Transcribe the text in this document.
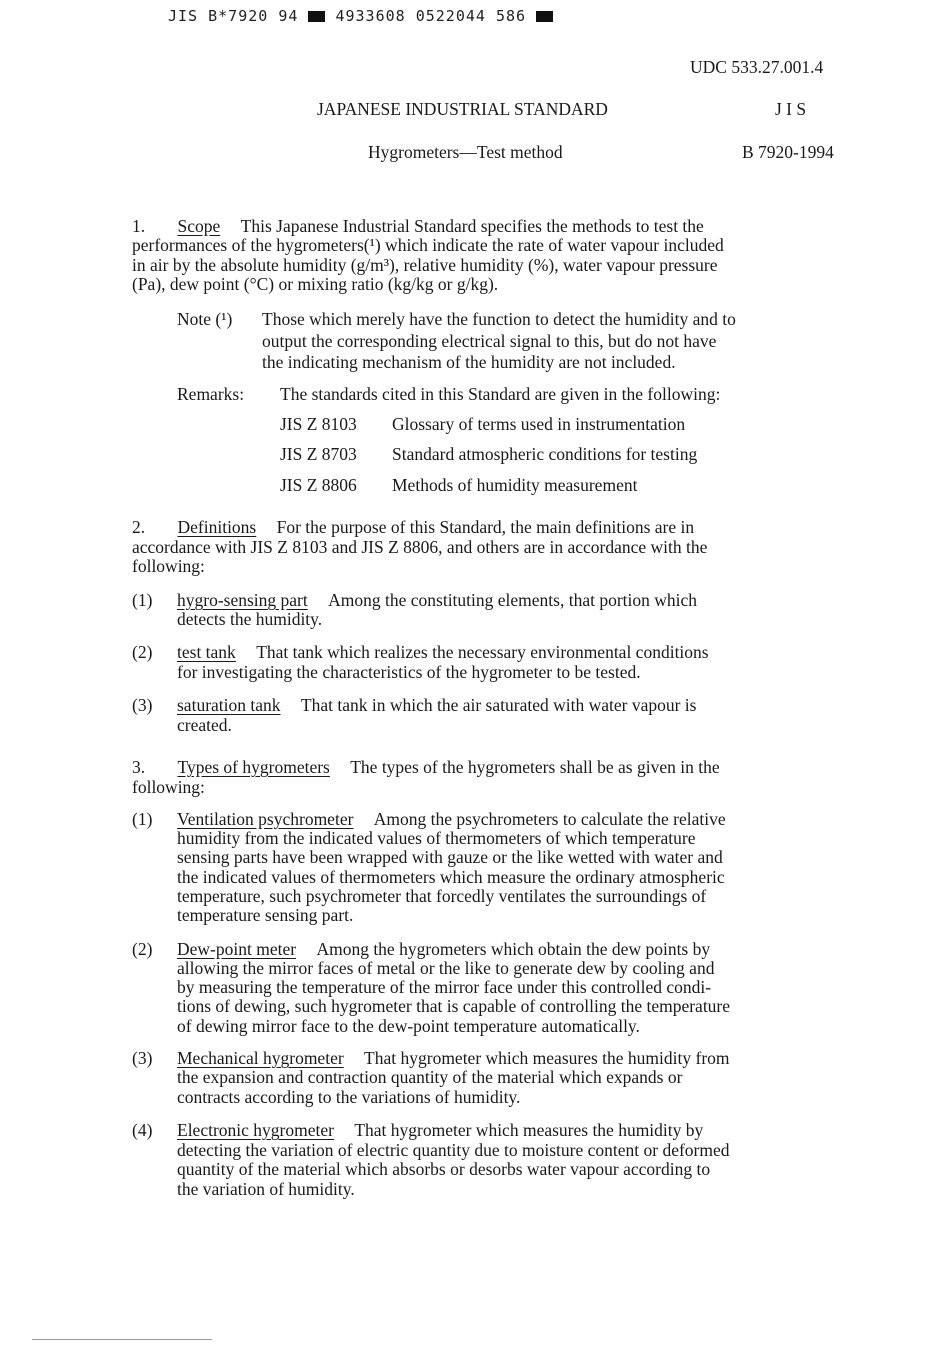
JIS B*7920 94 4933608 0522044 586
UDC 533.27.001.4
JAPANESE INDUSTRIAL STANDARD	J I S
Hygrometers—Test method	B 7920-1994
1. Scope This Japanese Industrial Standard specifies the methods to test the
performances of the hygrometers(¹) which indicate the rate of water vapour included
in air by the absolute humidity (g/m³), relative humidity (%), water vapour pressure
(Pa), dew point (°C) or mixing ratio (kg/kg or g/kg).
Note (¹) Those which merely have the function to detect the humidity and to
output the corresponding electrical signal to this, but do not have
the indicating mechanism of the humidity are not included.
Remarks: The standards cited in this Standard are given in the following:
JIS Z 8103 Glossary of terms used in instrumentation
JIS Z 8703 Standard atmospheric conditions for testing
JIS Z 8806 Methods of humidity measurement
2. Definitions For the purpose of this Standard, the main definitions are in
accordance with JIS Z 8103 and JIS Z 8806, and others are in accordance with the
following:
(1) hygro-sensing part Among the constituting elements, that portion which
detects the humidity.
(2) test tank That tank which realizes the necessary environmental conditions
for investigating the characteristics of the hygrometer to be tested.
(3) saturation tank That tank in which the air saturated with water vapour is
created.
3. Types of hygrometers The types of the hygrometers shall be as given in the
following:
(1) Ventilation psychrometer Among the psychrometers to calculate the relative
humidity from the indicated values of thermometers of which temperature
sensing parts have been wrapped with gauze or the like wetted with water and
the indicated values of thermometers which measure the ordinary atmospheric
temperature, such psychrometer that forcedly ventilates the surroundings of
temperature sensing part.
(2) Dew-point meter Among the hygrometers which obtain the dew points by
allowing the mirror faces of metal or the like to generate dew by cooling and
by measuring the temperature of the mirror face under this controlled condi-
tions of dewing, such hygrometer that is capable of controlling the temperature
of dewing mirror face to the dew-point temperature automatically.
(3) Mechanical hygrometer That hygrometer which measures the humidity from
the expansion and contraction quantity of the material which expands or
contracts according to the variations of humidity.
(4) Electronic hygrometer That hygrometer which measures the humidity by
detecting the variation of electric quantity due to moisture content or deformed
quantity of the material which absorbs or desorbs water vapour according to
the variation of humidity.
